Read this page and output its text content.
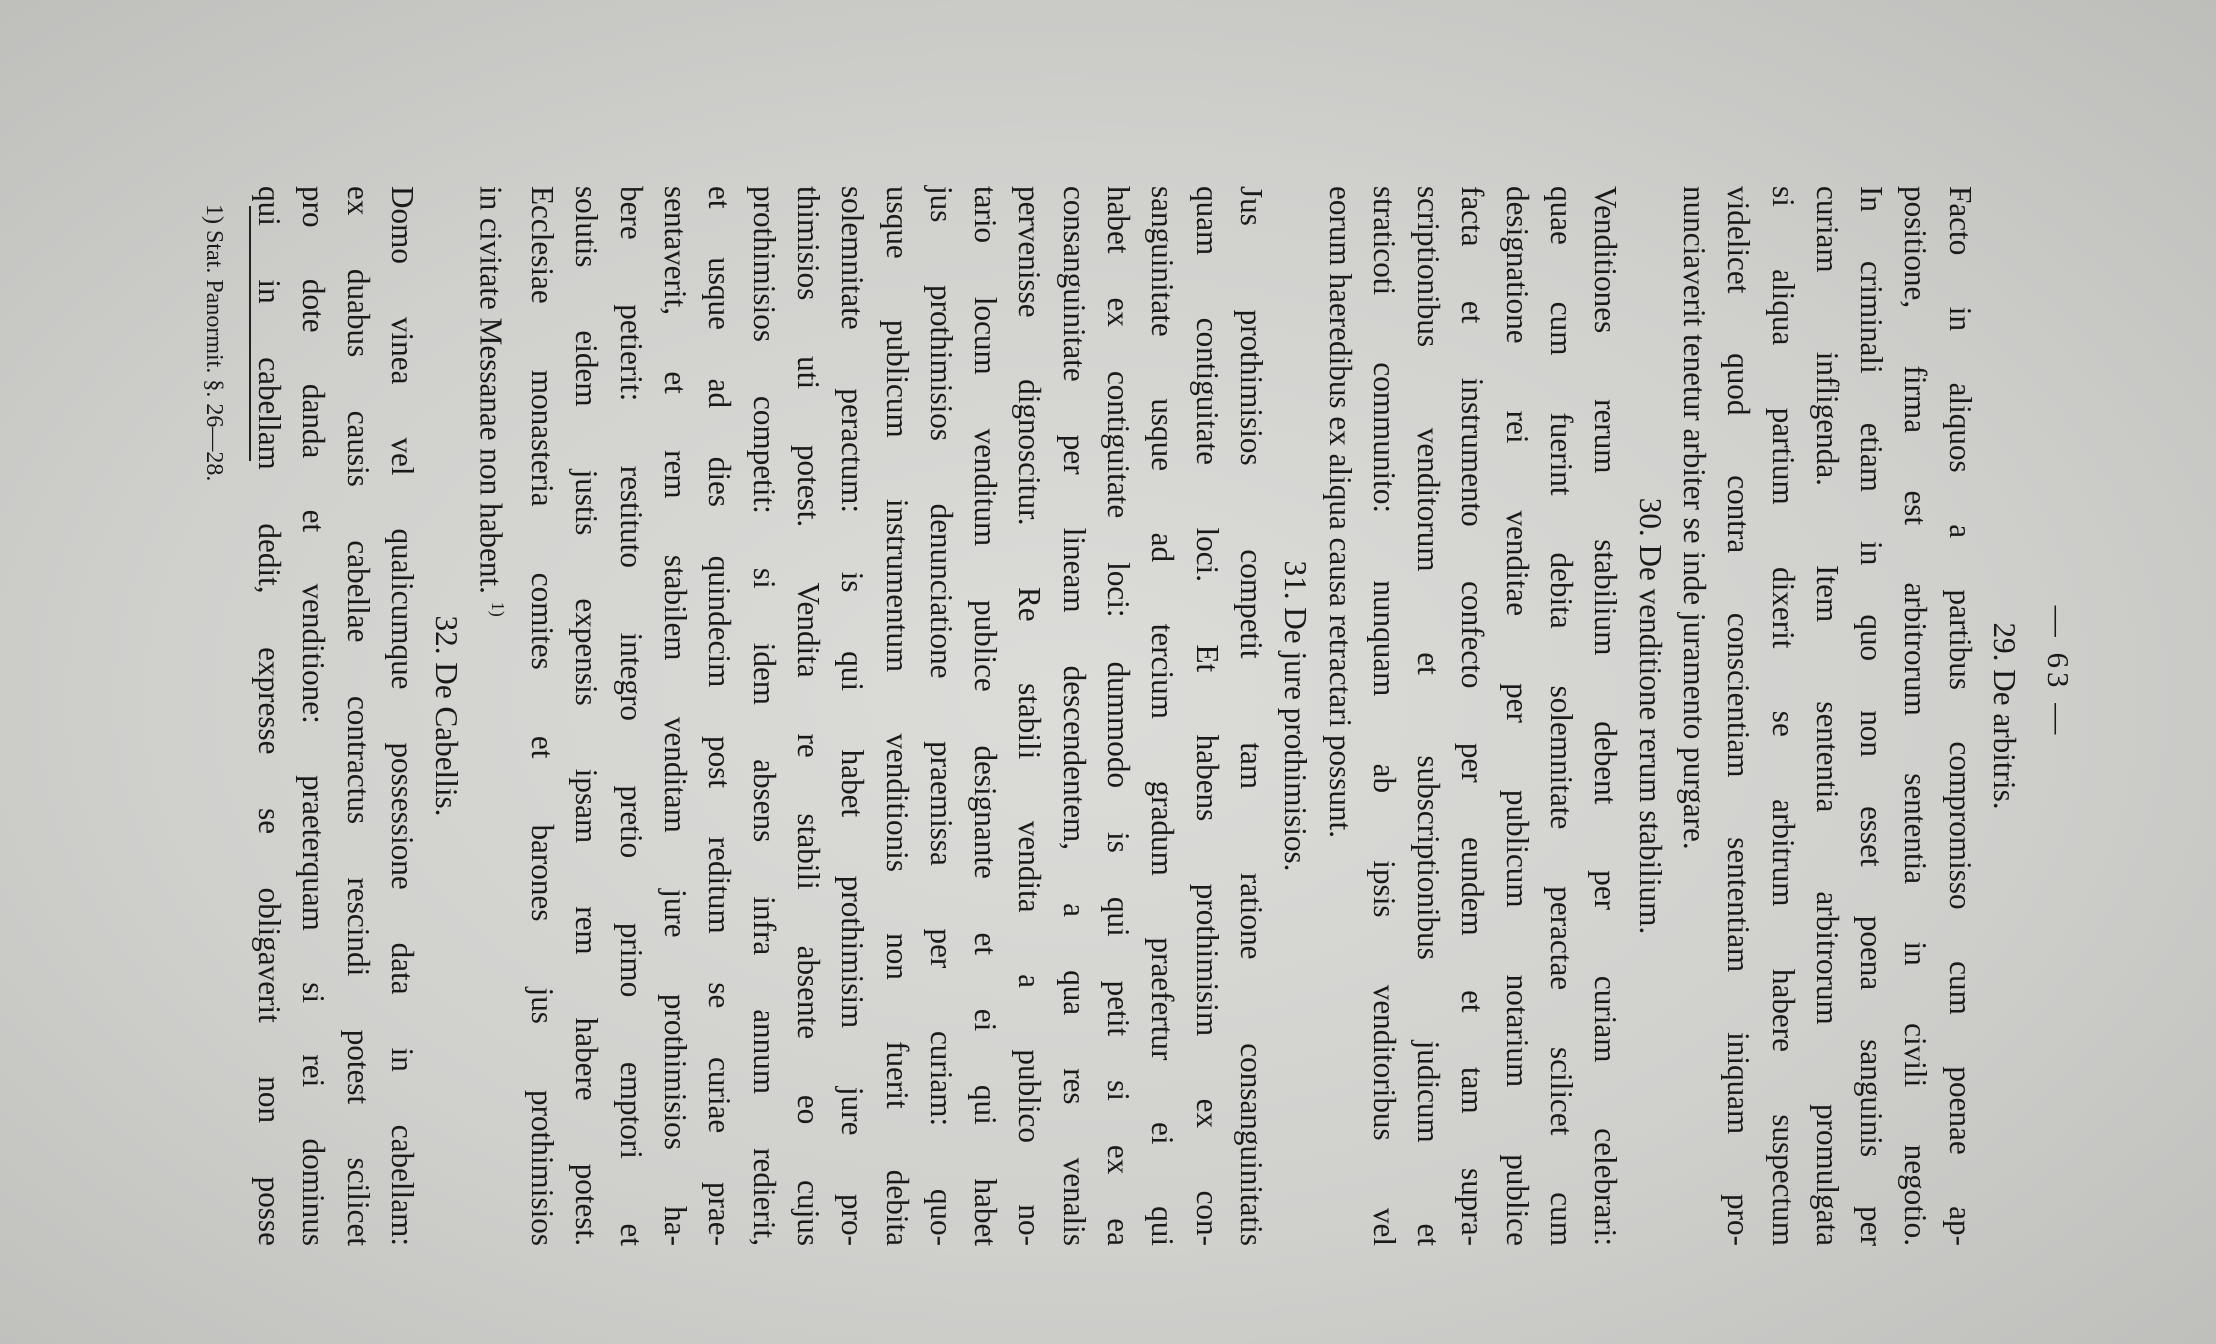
— 63 —
29. De arbitris.
Facto in aliquos a partibus compromisso cum poenae ap-
positione, firma est arbitrorum sententia in civili negotio.
In criminali etiam in quo non esset poena sanguinis per
curiam infligenda. Item sententia arbitrorum promulgata
si aliqua partium dixerit se arbitrum habere suspectum
videlicet quod contra conscientiam sententiam iniquam pro-
nunciaverit tenetur arbiter se inde juramento purgare.
30. De venditione rerum stabilium.
Venditiones rerum stabilium debent per curiam celebrari:
quae cum fuerint debita solemnitate peractae scilicet cum
designatione rei venditae per publicum notarium publice
facta et instrumento confecto per eundem et tam supra-
scriptionibus venditorum et subscriptionibus judicum et
straticoti communito: nunquam ab ipsis venditoribus vel
eorum haeredibus ex aliqua causa retractari possunt.
31. De jure prothimisios.
Jus prothimisios competit tam ratione consanguinitatis
quam contiguitate loci. Et habens prothimisim ex con-
sanguinitate usque ad tercium gradum praefertur ei qui
habet ex contiguitate loci: dummodo is qui petit si ex ea
consanguinitate per lineam descendentem, a qua res venalis
pervenisse dignoscitur. Re stabili vendita a publico no-
tario locum venditum publice designante et ei qui habet
jus prothimisios denunciatione praemissa per curiam: quo-
usque publicum instrumentum venditionis non fuerit debita
solemnitate peractum: is qui habet prothimisim jure pro-
thimisios uti potest. Vendita re stabili absente eo cujus
prothimisios competit: si idem absens infra annum redierit,
et usque ad dies quindecim post reditum se curiae prae-
sentaverit, et rem stabilem venditam jure prothimisios ha-
bere petierit: restituto integro pretio primo emptori et
solutis eidem justis expensis ipsam rem habere potest.
Ecclesiae monasteria comites et barones jus prothimisios
in civitate Messanae non habent. $^{1)}$
32. De Cabellis.
Domo vinea vel qualicumque possessione data in cabellam:
ex duabus causis cabellae contractus rescindi potest scilicet
pro dote danda et venditione: praeterquam si rei dominus
qui in cabellam dedit, expresse se obligaverit non posse
1) Stat. Panormit. §. 26—28.
